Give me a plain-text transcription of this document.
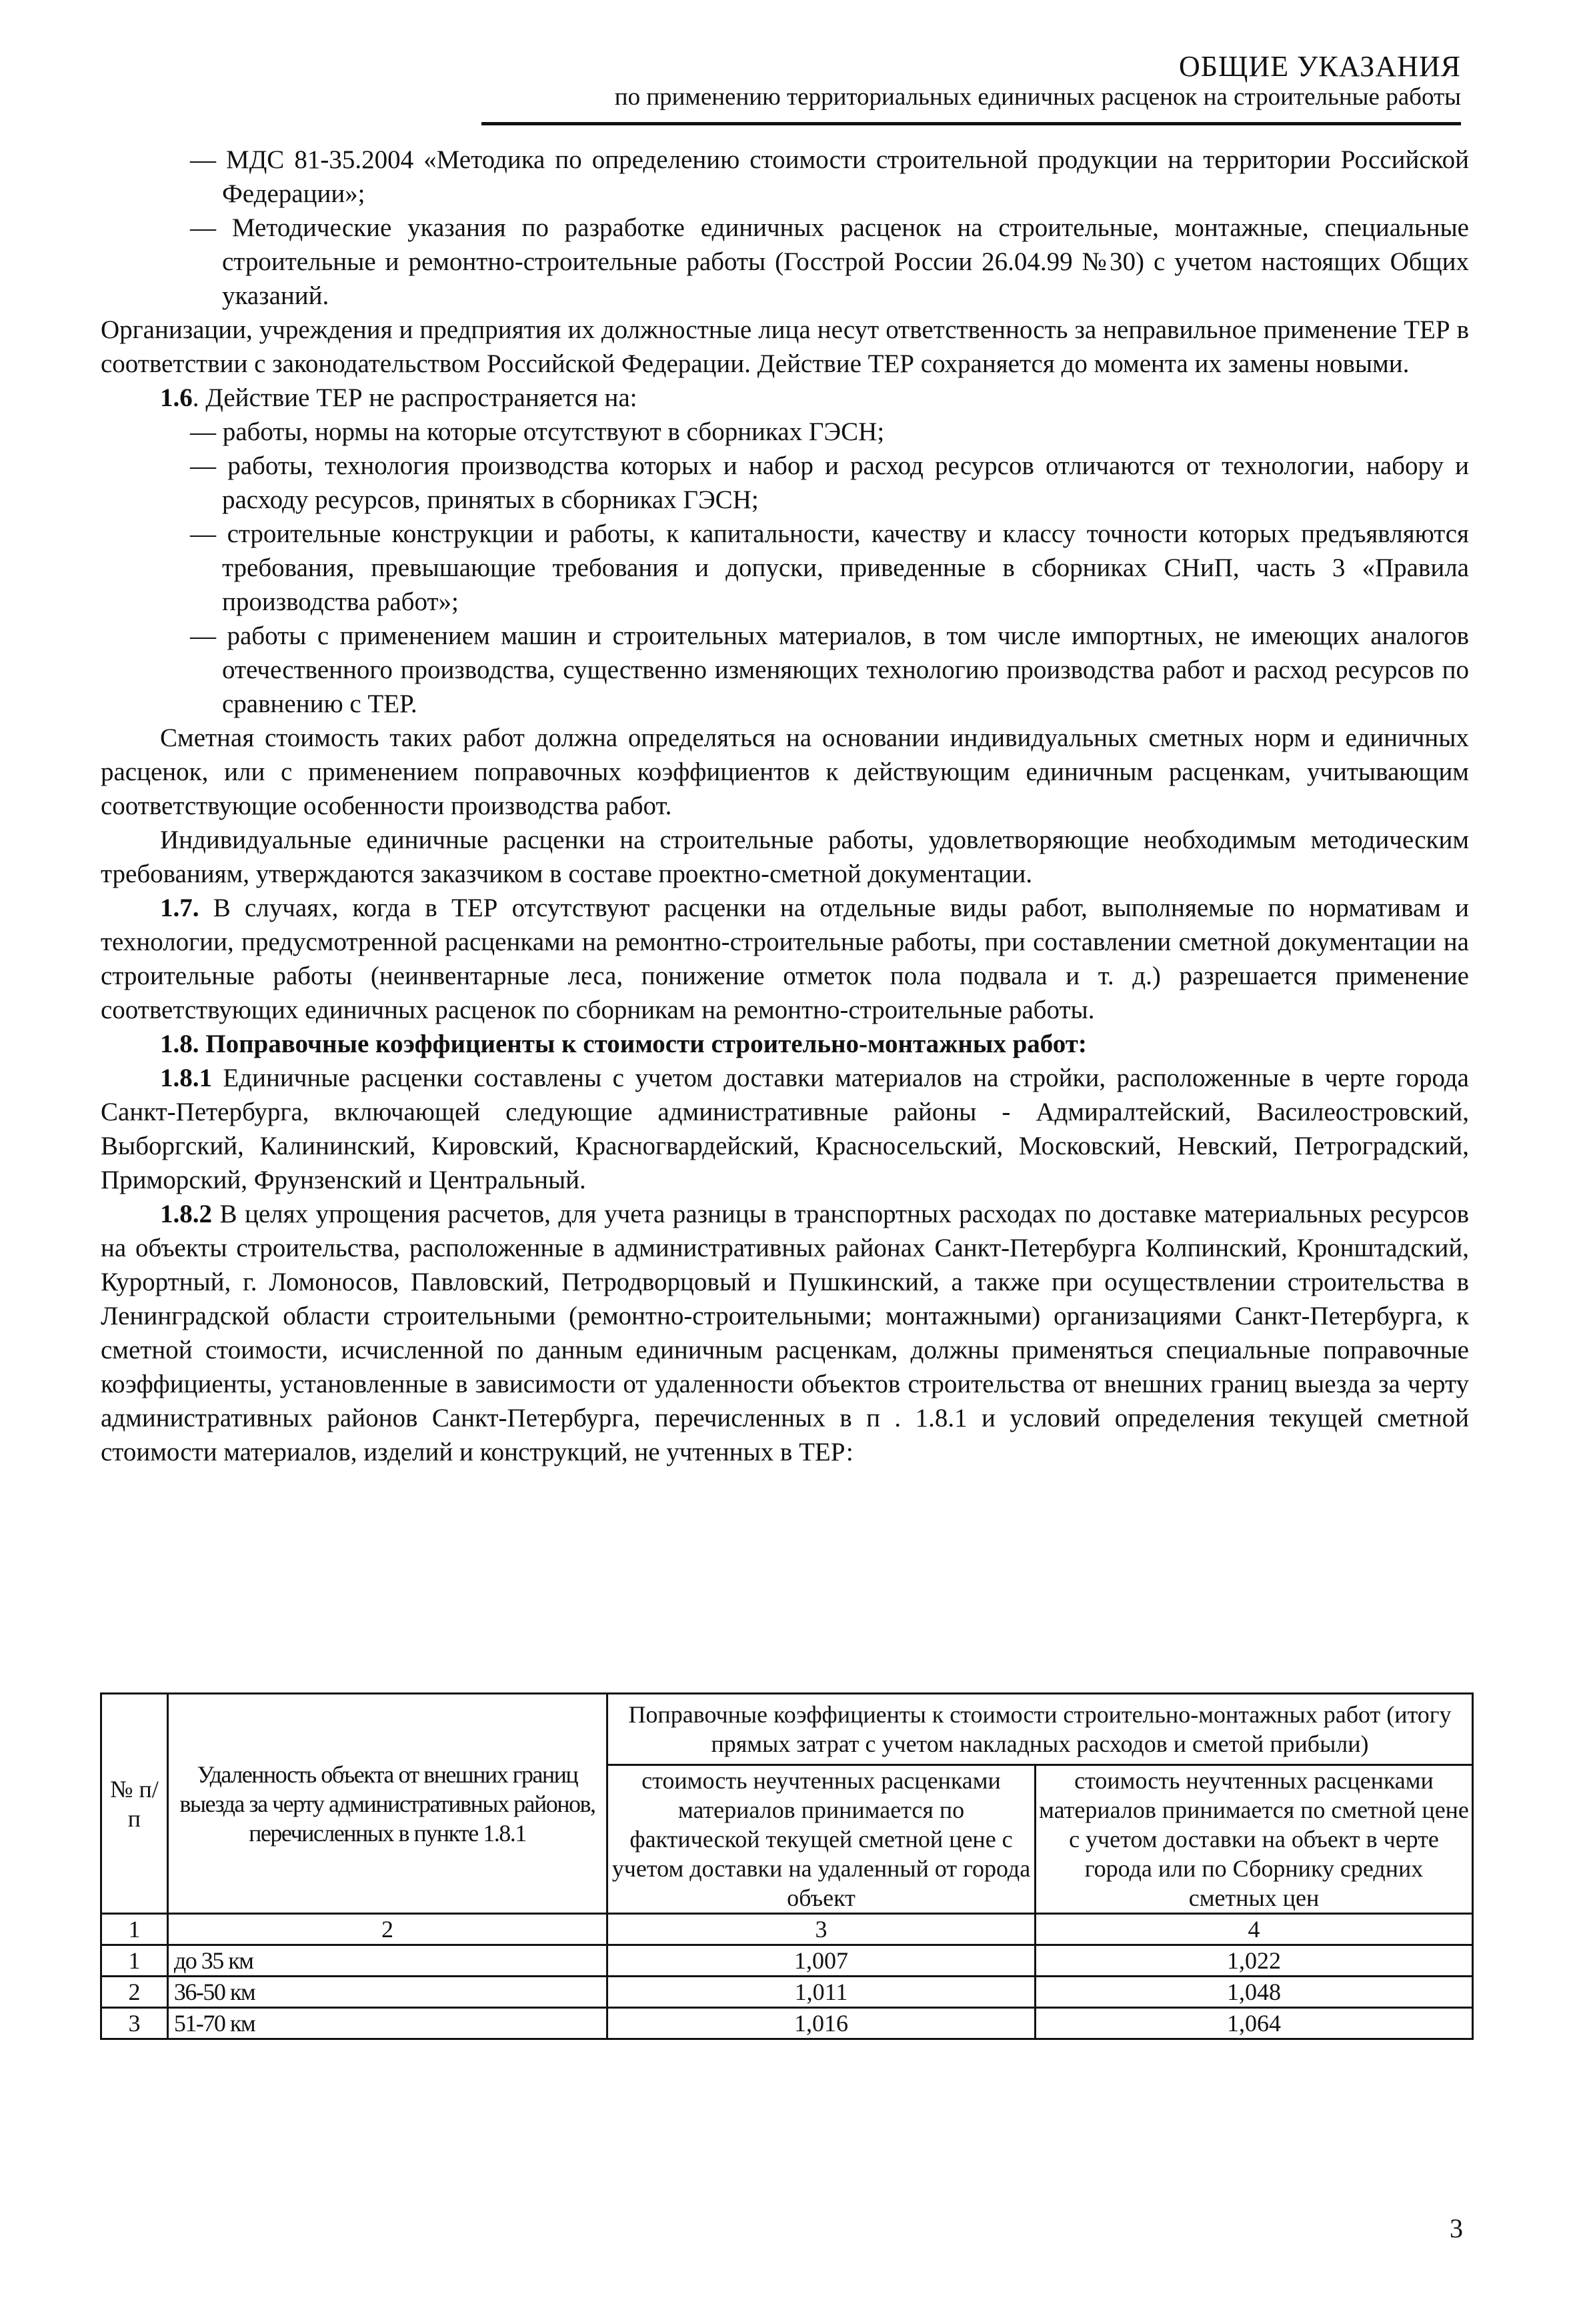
ОБЩИЕ УКАЗАНИЯ
по применению территориальных единичных расценок на строительные работы

— МДС 81-35.2004 «Методика по определению стоимости строительной продукции на территории Российской Федерации»;

— Методические указания по разработке единичных расценок на строительные, монтажные, специальные строительные и ремонтно-строительные работы (Госстрой России 26.04.99 №30) с учетом настоящих Общих указаний.

Организации, учреждения и предприятия их должностные лица несут ответственность за неправильное применение ТЕР в соответствии с законодательством Российской Федерации. Действие ТЕР сохраняется до момента их замены новыми.

1.6. Действие ТЕР не распространяется на:

— работы, нормы на которые отсутствуют в сборниках ГЭСН;

— работы, технология производства которых и набор и расход ресурсов отличаются от технологии, набору и расходу ресурсов, принятых в сборниках ГЭСН;

— строительные конструкции и работы, к капитальности, качеству и классу точности которых предъявляются требования, превышающие требования и допуски, приведенные в сборниках СНиП, часть 3 «Правила производства работ»;

— работы с применением машин и строительных материалов, в том числе импортных, не имеющих аналогов отечественного производства, существенно изменяющих технологию производства работ и расход ресурсов по сравнению с ТЕР.

Сметная стоимость таких работ должна определяться на основании индивидуальных сметных норм и единичных расценок, или с применением поправочных коэффициентов к действующим единичным расценкам, учитывающим соответствующие особенности производства работ.

Индивидуальные единичные расценки на строительные работы, удовлетворяющие необходимым методическим требованиям, утверждаются заказчиком в составе проектно-сметной документации.

1.7. В случаях, когда в ТЕР отсутствуют расценки на отдельные виды работ, выполняемые по нормативам и технологии, предусмотренной расценками на ремонтно-строительные работы, при составлении сметной документации на строительные работы (неинвентарные леса, понижение отметок пола подвала и т. д.) разрешается применение соответствующих единичных расценок по сборникам на ремонтно-строительные работы.

1.8. Поправочные коэффициенты к стоимости строительно-монтажных работ:

1.8.1 Единичные расценки составлены с учетом доставки материалов на стройки, расположенные в черте города Санкт-Петербурга, включающей следующие административные районы - Адмиралтейский, Василеостровский, Выборгский, Калининский, Кировский, Красногвардейский, Красносельский, Московский, Невский, Петроградский, Приморский, Фрунзенский и Центральный.

1.8.2 В целях упрощения расчетов, для учета разницы в транспортных расходах по доставке материальных ресурсов на объекты строительства, расположенные в административных районах Санкт-Петербурга Колпинский, Кронштадский, Курортный, г. Ломоносов, Павловский, Петродворцовый и Пушкинский, а также при осуществлении строительства в Ленинградской области строительными (ремонтно-строительными; монтажными) организациями Санкт-Петербурга, к сметной стоимости, исчисленной по данным единичным расценкам, должны применяться специальные поправочные коэффициенты, установленные в зависимости от удаленности объектов строительства от внешних границ выезда за черту административных районов Санкт-Петербурга, перечисленных в п . 1.8.1 и условий определения текущей сметной стоимости материалов, изделий и конструкций, не учтенных в ТЕР:

№ п/п	Удаленность объекта от внешних границ выезда за черту административных районов, перечисленных в пункте 1.8.1	Поправочные коэффициенты к стоимости строительно-монтажных работ (итогу прямых затрат с учетом накладных расходов и сметой прибыли)	
		стоимость неучтенных расценками материалов принимается по фактической текущей сметной цене с учетом доставки на удаленный от города объект	стоимость неучтенных расценками материалов принимается по сметной цене с учетом доставки на объект в черте города или по Сборнику средних сметных цен
1	2	3	4
1	до 35 км	1,007	1,022
2	36-50 км	1,011	1,048
3	51-70 км	1,016	1,064
3
